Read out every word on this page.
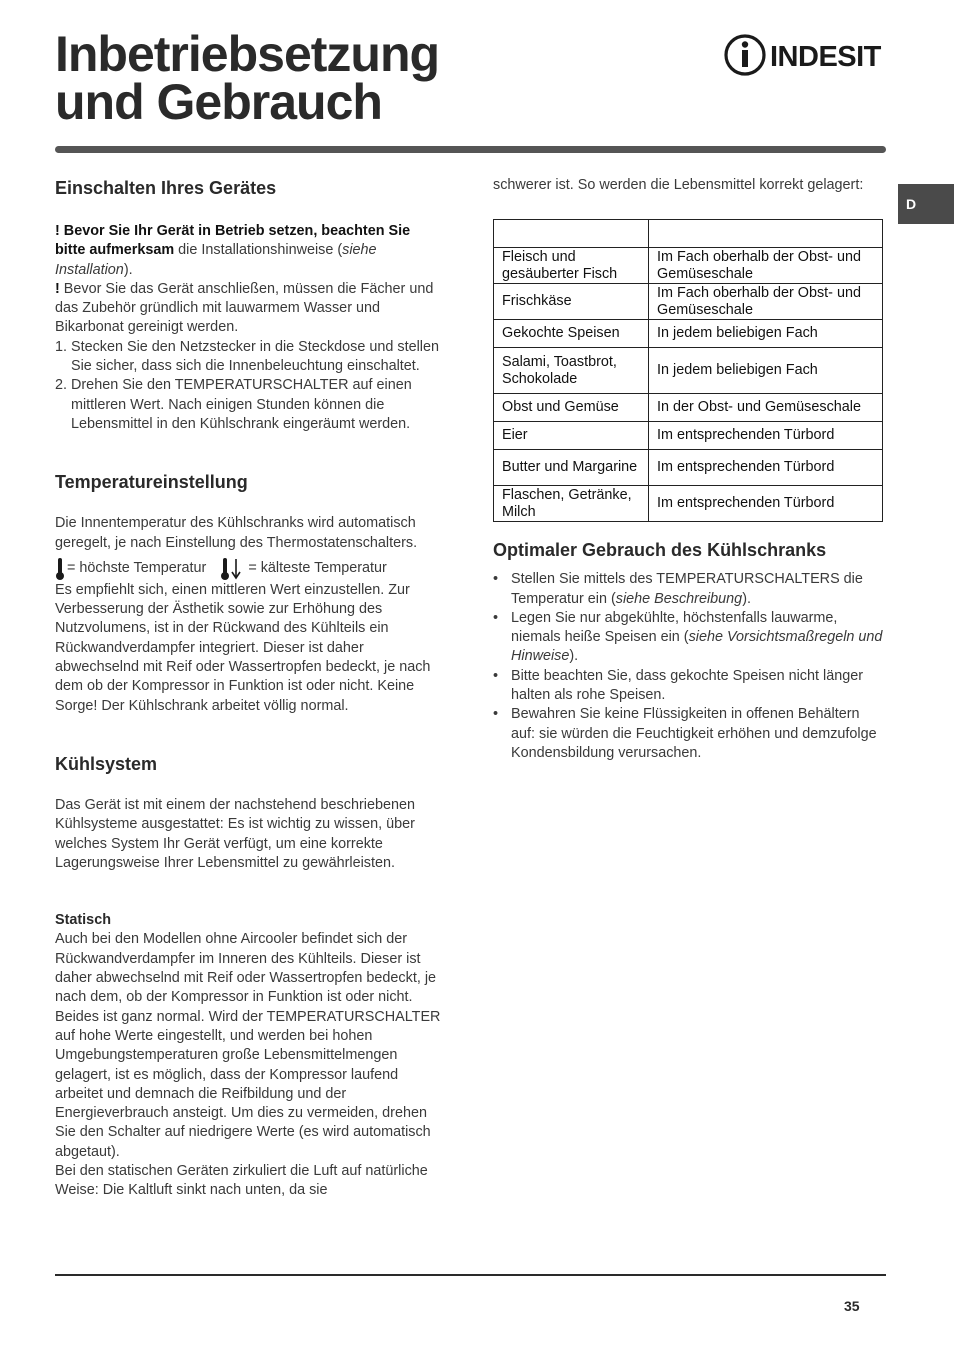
Inbetriebsetzung
und Gebrauch
INDESIT
D
Einschalten Ihres Gerätes

! Bevor Sie Ihr Gerät in Betrieb setzen, beachten Sie bitte aufmerksam die Installationshinweise (siehe Installation).

! Bevor Sie das Gerät anschließen, müssen die Fächer und das Zubehör gründlich mit lauwarmem Wasser und Bikarbonat gereinigt werden.

1. Stecken Sie den Netzstecker in die Steckdose und stellen Sie sicher, dass sich die Innenbeleuchtung einschaltet.
2. Drehen Sie den TEMPERATURSCHALTER auf einen mittleren Wert. Nach einigen Stunden können die Lebensmittel in den Kühlschrank eingeräumt werden.
Temperatureinstellung

Die Innentemperatur des Kühlschranks wird automatisch geregelt, je nach Einstellung des Thermostatenschalters.

= höchste Temperatur	= kälteste Temperatur

Es empfiehlt sich, einen mittleren Wert einzustellen. Zur Verbesserung der Ästhetik sowie zur Erhöhung des Nutzvolumens, ist in der Rückwand des Kühlteils ein Rückwandverdampfer integriert. Dieser ist daher abwechselnd mit Reif oder Wassertropfen bedeckt, je nach dem ob der Kompressor in Funktion ist oder nicht. Keine Sorge! Der Kühlschrank arbeitet völlig normal.

Kühlsystem

Das Gerät ist mit einem der nachstehend beschriebenen Kühlsysteme ausgestattet: Es ist wichtig zu wissen, über welches System Ihr Gerät verfügt, um eine korrekte Lagerungsweise Ihrer Lebensmittel zu gewährleisten.

Statisch

Auch bei den Modellen ohne Aircooler befindet sich der Rückwandverdampfer im Inneren des Kühlteils. Dieser ist daher abwechselnd mit Reif oder Wassertropfen bedeckt, je nach dem, ob der Kompressor in Funktion ist oder nicht. Beides ist ganz normal. Wird der TEMPERATURSCHALTER auf hohe Werte eingestellt, und werden bei hohen Umgebungstemperaturen große Lebensmittelmengen gelagert, ist es möglich, dass der Kompressor laufend arbeitet und demnach die Reifbildung und der Energieverbrauch ansteigt. Um dies zu vermeiden, drehen Sie den Schalter auf niedrigere Werte (es wird automatisch abgetaut).

Bei den statischen Geräten zirkuliert die Luft auf natürliche Weise: Die Kaltluft sinkt nach unten, da sie

schwerer ist. So werden die Lebensmittel korrekt gelagert:

Fleisch und gesäuberter Fisch	Im Fach oberhalb der Obst- und Gemüseschale
Frischkäse	Im Fach oberhalb der Obst- und Gemüseschale
Gekochte Speisen	In jedem beliebigen Fach
Salami, Toastbrot, Schokolade	In jedem beliebigen Fach
Obst und Gemüse	In der Obst- und Gemüseschale
Eier	Im entsprechenden Türbord
Butter und Margarine	Im entsprechenden Türbord
Flaschen, Getränke, Milch	Im entsprechenden Türbord
Optimaler Gebrauch des Kühlschranks
• Stellen Sie mittels des TEMPERATURSCHALTERS die Temperatur ein (siehe Beschreibung).
• Legen Sie nur abgekühlte, höchstenfalls lauwarme, niemals heiße Speisen ein (siehe Vorsichtsmaßregeln und Hinweise).
• Bitte beachten Sie, dass gekochte Speisen nicht länger halten als rohe Speisen.
• Bewahren Sie keine Flüssigkeiten in offenen Behältern auf: sie würden die Feuchtigkeit erhöhen und demzufolge Kondensbildung verursachen.
35
